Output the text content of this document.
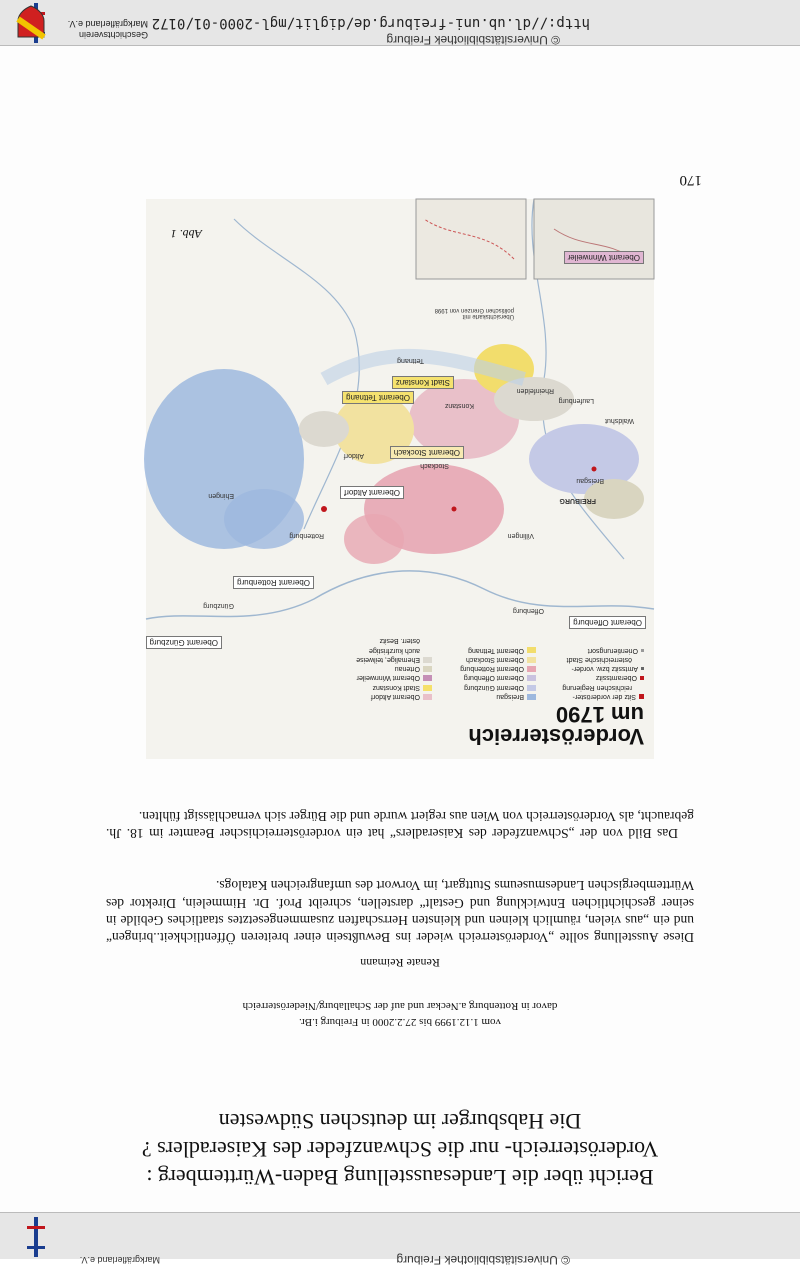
© Universitätsbibliothek Freiburg
Markgräflerland e.V.
Bericht über die Landesausstellung Baden-Württemberg :
Vorderösterreich- nur die Schwanzfeder des Kaiseradlers ?
Die Habsburger im deutschen Südwesten
vom 1.12.1999 bis 27.2.2000 in Freiburg i.Br.
davor in Rottenburg a.Neckar und auf der Schallaburg/Niederösterreich
Renate Reimann
Diese Ausstellung sollte „Vorderösterreich wieder ins Bewußtsein einer breiteren Öffentlichkeit..bringen“ und ein „aus vielen, räumlich kleinen und kleinsten Herrschaften zusammengesetztes staatliches Gebilde in seiner geschichtlichen Entwicklung und Gestalt“ darstellen, schreibt Prof. Dr. Himmelein, Direktor des Württembergischen Landesmuseums Stuttgart, im Vorwort des umfangreichen Katalogs.
Das Bild von der „Schwanzfeder des Kaiseradlers“ hat ein vorderösterreichischer Beamter im 18. Jh. gebraucht, als Vorderösterreich von Wien aus regiert wurde und die Bürger sich vernachlässigt fühlten.
Vorderösterreich
um 1790
Sitz der vorderöster-
reichischen Regierung
Oberamtssitz
Amtssitz bzw. vorder-
österreichische Stadt
Orientierungsort
Breisgau
Oberamt Günzburg
Oberamt Offenburg
Oberamt Rottenburg
Oberamt Stockach
Oberamt Tettnang
Oberamt Altdorf
Stadt Konstanz
Oberamt Winnweiler
Ortenau
Ehemalige, teilweise
auch kurzfristige
österr. Besitz
Oberamt Offenburg
Oberamt Günzburg
Oberamt Rottenburg
Oberamt Altdorf
Oberamt Stockach
Oberamt Tettnang
Stadt Konstanz
Oberamt Winnweiler
Offenburg
Günzburg
Rottenburg
FREIBURG
Breisgau
Stockach
Villingen
Waldshut
Konstanz
Tettnang
Altdorf
Ehingen
Laufenburg
Rheinfelden
Übersichtskarte mit politischen Grenzen von 1998
Abb. 1
170
http://dl.ub.uni-freiburg.de/diglit/mgl-2000-01/0172
© Universitätsbibliothek Freiburg
Geschichtsverein
Markgräflerland e.V.
